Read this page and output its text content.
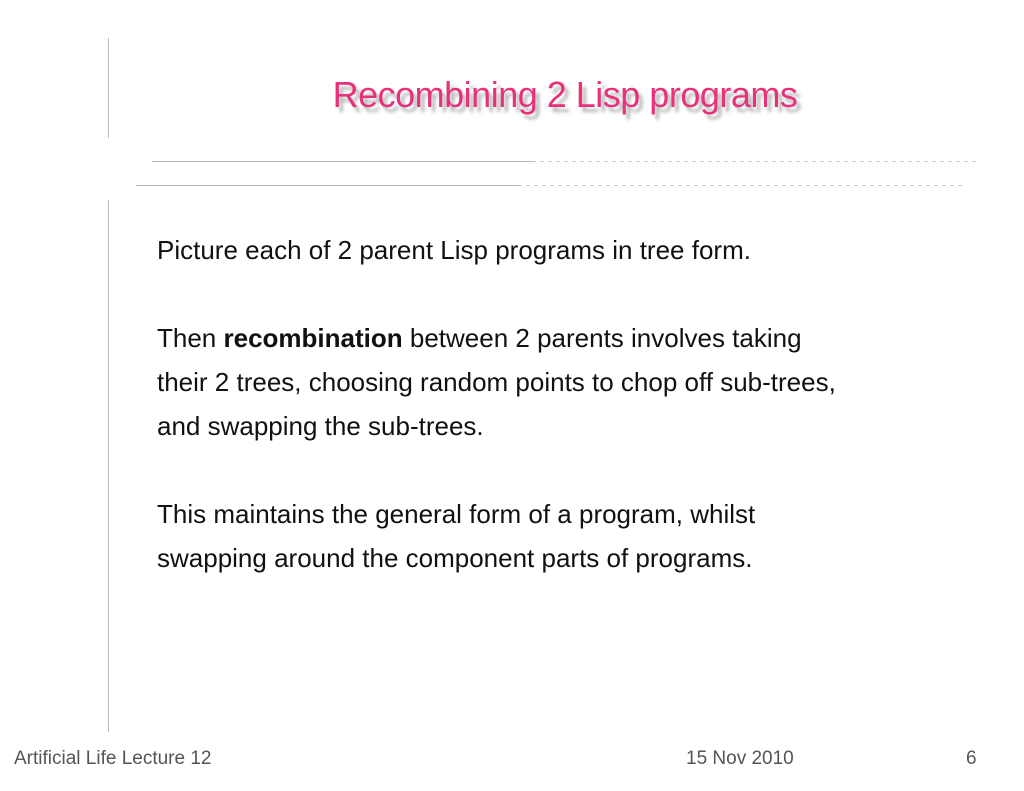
Recombining 2 Lisp programs

Picture each of 2 parent Lisp programs in tree form.

Then recombination between 2 parents involves taking
their 2 trees, choosing random points to chop off sub-trees,
and swapping the sub-trees.

This maintains the general form of a program, whilst
swapping around the component parts of programs.

Artificial Life Lecture 12	15 Nov 2010	6
